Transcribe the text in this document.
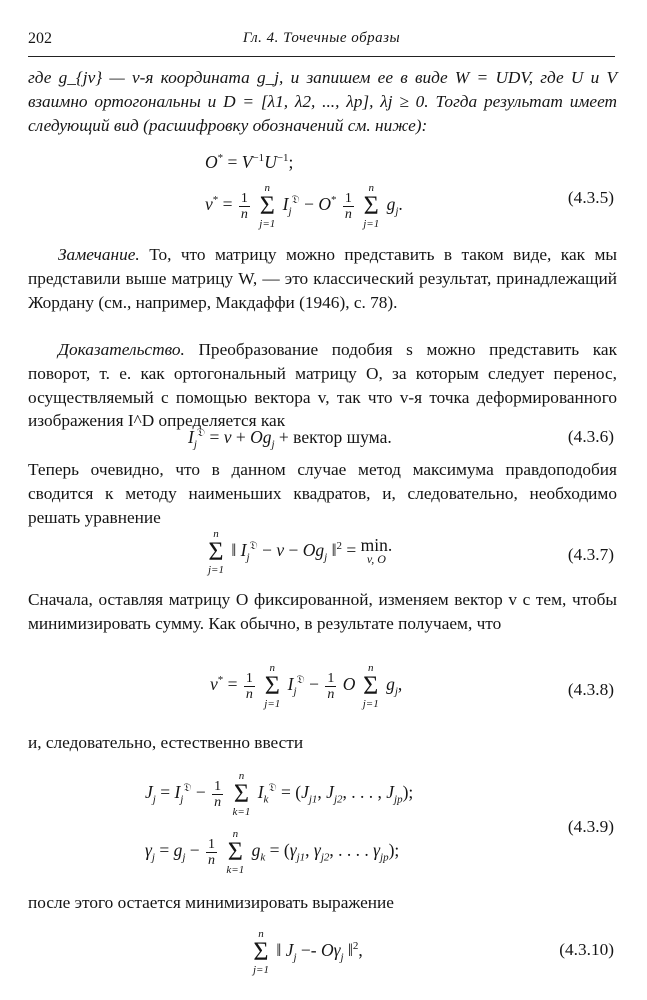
202	Гл. 4. Точечные образы
где g_{jv} — v-я координата g_j, и запишем ее в виде W = UDV, где U и V взаимно ортогональны и D = [λ1, λ2, ..., λp], λj ≥ 0. Тогда результат имеет следующий вид (расшифровку обозначений см. ниже):
$O^* = V^{-1}U^{-1}$;
$v^* = \frac{1}{n}$

n
Σ
j=1
$I_j^𝔇 - O^* \frac{1}{n}$

n
Σ
j=1
$g_j$.	(4.3.5)
Замечание. То, что матрицу можно представить в таком виде, как мы представили выше матрицу W, — это классический результат, принадлежащий Жордану (см., например, Макдаффи (1946), с. 78).
Доказательство. Преобразование подобия s можно представить как поворот, т. е. как ортогональный матрицу O, за которым следует перенос, осуществляемый с помощью вектора v, так что v-я точка деформированного изображения I^D определяется как
$I_j^𝔇 = v + Og_j$ + вектор шума.	(4.3.6)
Теперь очевидно, что в данном случае метод максимума правдоподобия сводится к методу наименьших квадратов, и, следовательно, необходимо решать уравнение
n
Σ
j=1
‖ $I_j^𝔇 - v - Og_j$ ‖$^2$ = min.
v, O	(4.3.7)
Сначала, оставляя матрицу O фиксированной, изменяем вектор v с тем, чтобы минимизировать сумму. Как обычно, в результате получаем, что
$v^* = \frac{1}{n}$

n
Σ
j=1
$I_j^𝔇 - \frac{1}{n}$ O
n
Σ
j=1
$g_j$,	(4.3.8)
и, следовательно, естественно ввести
$J_j = I_j^𝔇 - \frac{1}{n}$

n
Σ
k=1
$I_k^𝔇 = (J_{j1}$, $J_{j2}$, . . . , $J_{jp}$);
$\gamma_j = g_j - \frac{1}{n}$

n
Σ
k=1
$g_k = (\gamma_{j1}$, $\gamma_{j2}$, . . . . $\gamma_{jp}$);
(4.3.9)
после этого остается минимизировать выражение
n
Σ
j=1
‖ $J_j -- O\gamma_j$ ‖$^2$,	(4.3.10)
